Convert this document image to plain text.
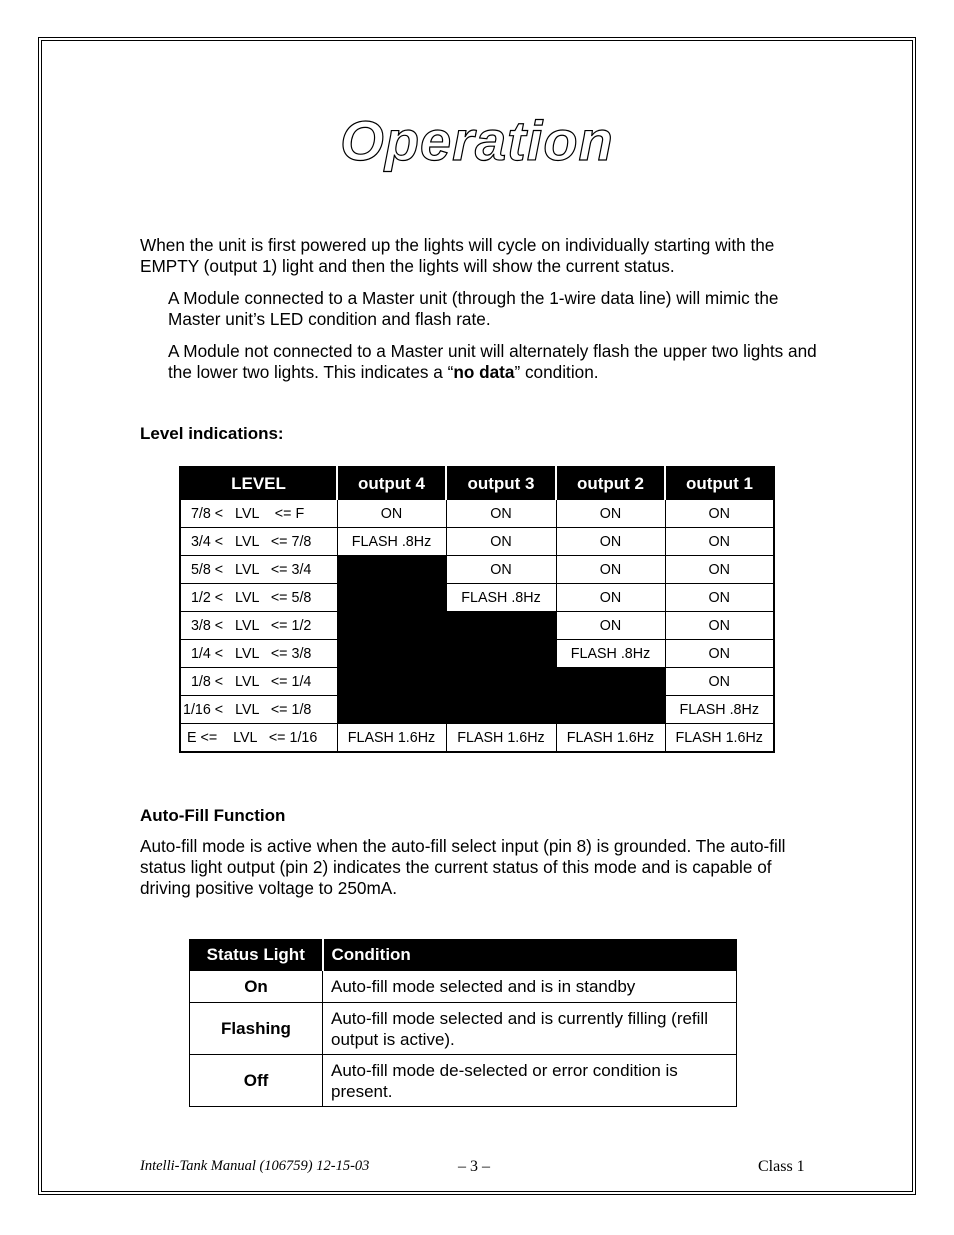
Operation

When the unit is first powered up the lights will cycle on individually starting with the EMPTY (output 1) light and then the lights will show the current status.

A Module connected to a Master unit (through the 1-wire data line) will mimic the Master unit’s LED condition and flash rate.

A Module not connected to a Master unit will alternately flash the upper two lights and the lower two lights. This indicates a “no data” condition.

Level indications:

LEVEL	output 4	output 3	output 2	output 1
7/8 <   LVL    <= F	ON	ON	ON	ON
3/4 <   LVL   <= 7/8	FLASH .8Hz	ON	ON	ON
5/8 <   LVL   <= 3/4		ON	ON	ON
1/2 <   LVL   <= 5/8		FLASH .8Hz	ON	ON
3/8 <   LVL   <= 1/2			ON	ON
1/4 <   LVL   <= 3/8			FLASH .8Hz	ON
1/8 <   LVL   <= 1/4				ON
1/16 <   LVL   <= 1/8				FLASH .8Hz
E <=    LVL   <= 1/16	FLASH 1.6Hz	FLASH 1.6Hz	FLASH 1.6Hz	FLASH 1.6Hz

Auto-Fill Function

Auto-fill mode is active when the auto-fill select input (pin 8) is grounded. The auto-fill status light output (pin 2) indicates the current status of this mode and is capable of driving positive voltage to 250mA.

Status Light	Condition
On	Auto-fill mode selected and is in standby
Flashing	Auto-fill mode selected and is currently filling (refill output is active).
Off	Auto-fill mode de-selected or error condition is present.
Intelli-Tank Manual (106759) 12-15-03	– 3 –	Class 1
